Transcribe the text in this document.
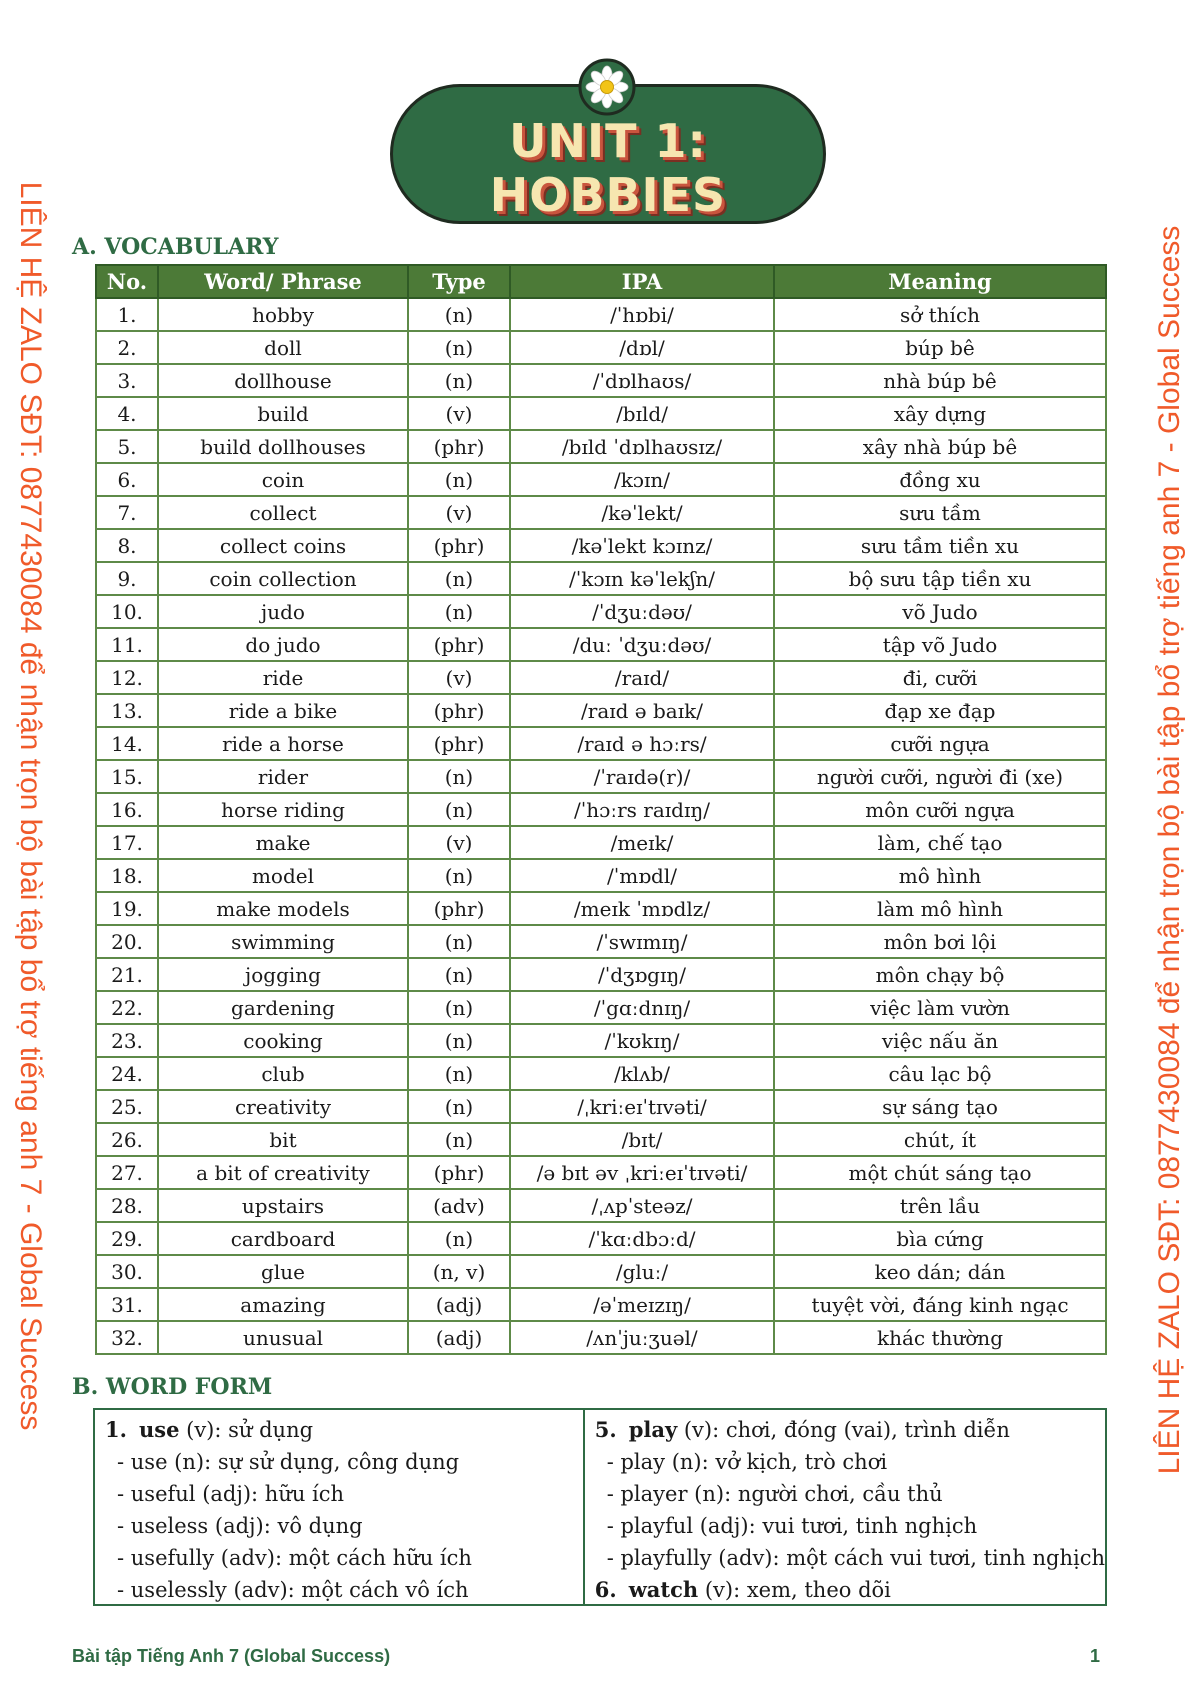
LIÊN HỆ ZALO SĐT: 0877430084 để nhận trọn bộ bài tập bổ trợ tiếng anh 7 - Global Success	LIÊN HỆ ZALO SĐT: 0877430084 để nhận trọn bộ bài tập bổ trợ tiếng anh 7 - Global Success
UNIT 1: HOBBIES
A. VOCABULARY
No.	Word/ Phrase	Type	IPA	Meaning
1.	hobby	(n)	/ˈhɒbi/	sở thích
2.	doll	(n)	/dɒl/	búp bê
3.	dollhouse	(n)	/ˈdɒlhaʊs/	nhà búp bê
4.	build	(v)	/bɪld/	xây dựng
5.	build dollhouses	(phr)	/bɪld ˈdɒlhaʊsɪz/	xây nhà búp bê
6.	coin	(n)	/kɔɪn/	đồng xu
7.	collect	(v)	/kəˈlekt/	sưu tầm
8.	collect coins	(phr)	/kəˈlekt kɔɪnz/	sưu tầm tiền xu
9.	coin collection	(n)	/ˈkɔɪn kəˈlekʃn/	bộ sưu tập tiền xu
10.	judo	(n)	/ˈdʒuːdəʊ/	võ Judo
11.	do judo	(phr)	/duː ˈdʒuːdəʊ/	tập võ Judo
12.	ride	(v)	/raɪd/	đi, cưỡi
13.	ride a bike	(phr)	/raɪd ə baɪk/	đạp xe đạp
14.	ride a horse	(phr)	/raɪd ə hɔːrs/	cưỡi ngựa
15.	rider	(n)	/ˈraɪdə(r)/	người cưỡi, người đi (xe)
16.	horse riding	(n)	/ˈhɔːrs raɪdɪŋ/	môn cưỡi ngựa
17.	make	(v)	/meɪk/	làm, chế tạo
18.	model	(n)	/ˈmɒdl/	mô hình
19.	make models	(phr)	/meɪk ˈmɒdlz/	làm mô hình
20.	swimming	(n)	/ˈswɪmɪŋ/	môn bơi lội
21.	jogging	(n)	/ˈdʒɒgɪŋ/	môn chạy bộ
22.	gardening	(n)	/ˈgɑːdnɪŋ/	việc làm vườn
23.	cooking	(n)	/ˈkʊkɪŋ/	việc nấu ăn
24.	club	(n)	/klʌb/	câu lạc bộ
25.	creativity	(n)	/ˌkriːeɪˈtɪvəti/	sự sáng tạo
26.	bit	(n)	/bɪt/	chút, ít
27.	a bit of creativity	(phr)	/ə bɪt əv ˌkriːeɪˈtɪvəti/	một chút sáng tạo
28.	upstairs	(adv)	/ˌʌpˈsteəz/	trên lầu
29.	cardboard	(n)	/ˈkɑːdbɔːd/	bìa cứng
30.	glue	(n, v)	/gluː/	keo dán; dán
31.	amazing	(adj)	/əˈmeɪzɪŋ/	tuyệt vời, đáng kinh ngạc
32.	unusual	(adj)	/ʌnˈjuːʒuəl/	khác thường
B. WORD FORM
1. use (v): sử dụng
- use (n): sự sử dụng, công dụng
- useful (adj): hữu ích
- useless (adj): vô dụng
- usefully (adv): một cách hữu ích
- uselessly (adv): một cách vô ích
5. play (v): chơi, đóng (vai), trình diễn
- play (n): vở kịch, trò chơi
- player (n): người chơi, cầu thủ
- playful (adj): vui tươi, tinh nghịch
- playfully (adv): một cách vui tươi, tinh nghịch
6. watch (v): xem, theo dõi
Bài tập Tiếng Anh 7 (Global Success)	1
